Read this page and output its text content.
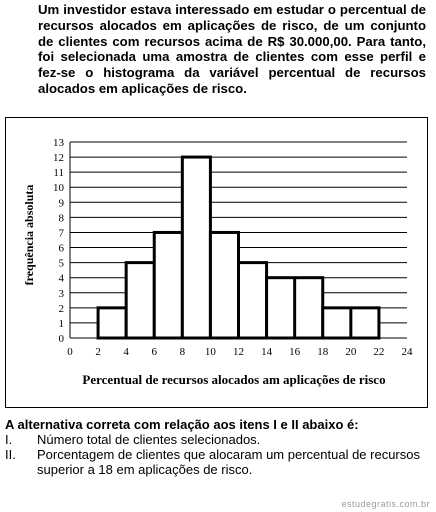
Um investidor estava interessado em estudar o percentual de recursos alocados em aplicações de risco, de um conjunto de clientes com recursos acima de R$ 30.000,00. Para tanto, foi selecionada uma amostra de clientes com esse perfil e fez-se o histograma da variável percentual de recursos alocados em aplicações de risco.

0
1
2
3
4
5
6
7
8
9
10
11
12
13
0 2 4 6 8 10 12 14 16 18 20 22 24
frequência absoluta
Percentual de recursos alocados am aplicações de risco

A alternativa correta com relação aos itens I e II abaixo é:

I.	Número total de clientes selecionados.
II.	Porcentagem de clientes que alocaram um percentual de recursos superior a 18 em aplicações de risco.
estudegratis.com.br
